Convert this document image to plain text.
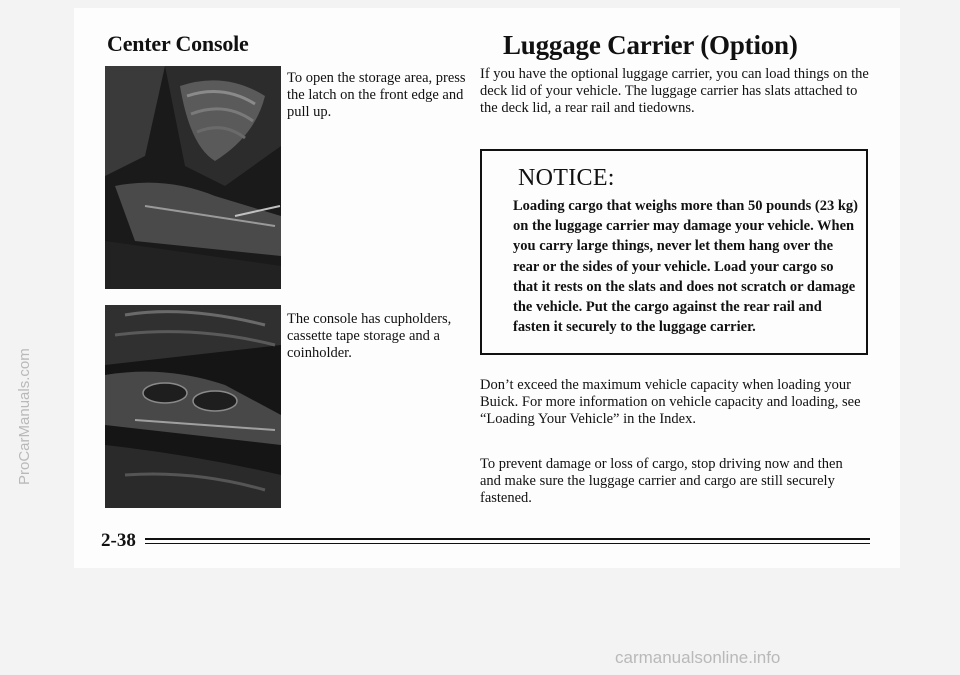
Center Console	Luggage Carrier (Option)
To open the storage area, press the latch on the front edge and pull up.
The console has cupholders, cassette tape storage and a coinholder.
If you have the optional luggage carrier, you can load things on the deck lid of your vehicle. The luggage carrier has slats attached to the deck lid, a rear rail and tiedowns.
NOTICE:
Loading cargo that weighs more than 50 pounds (23 kg) on the luggage carrier may damage your vehicle. When you carry large things, never let them hang over the rear or the sides of your vehicle. Load your cargo so that it rests on the slats and does not scratch or damage the vehicle. Put the cargo against the rear rail and fasten it securely to the luggage carrier.
Don’t exceed the maximum vehicle capacity when loading your Buick. For more information on vehicle capacity and loading, see “Loading Your Vehicle” in the Index.
To prevent damage or loss of cargo, stop driving now and then and make sure the luggage carrier and cargo are still securely fastened.
2-38
ProCarManuals.com
carmanualsonline.info
